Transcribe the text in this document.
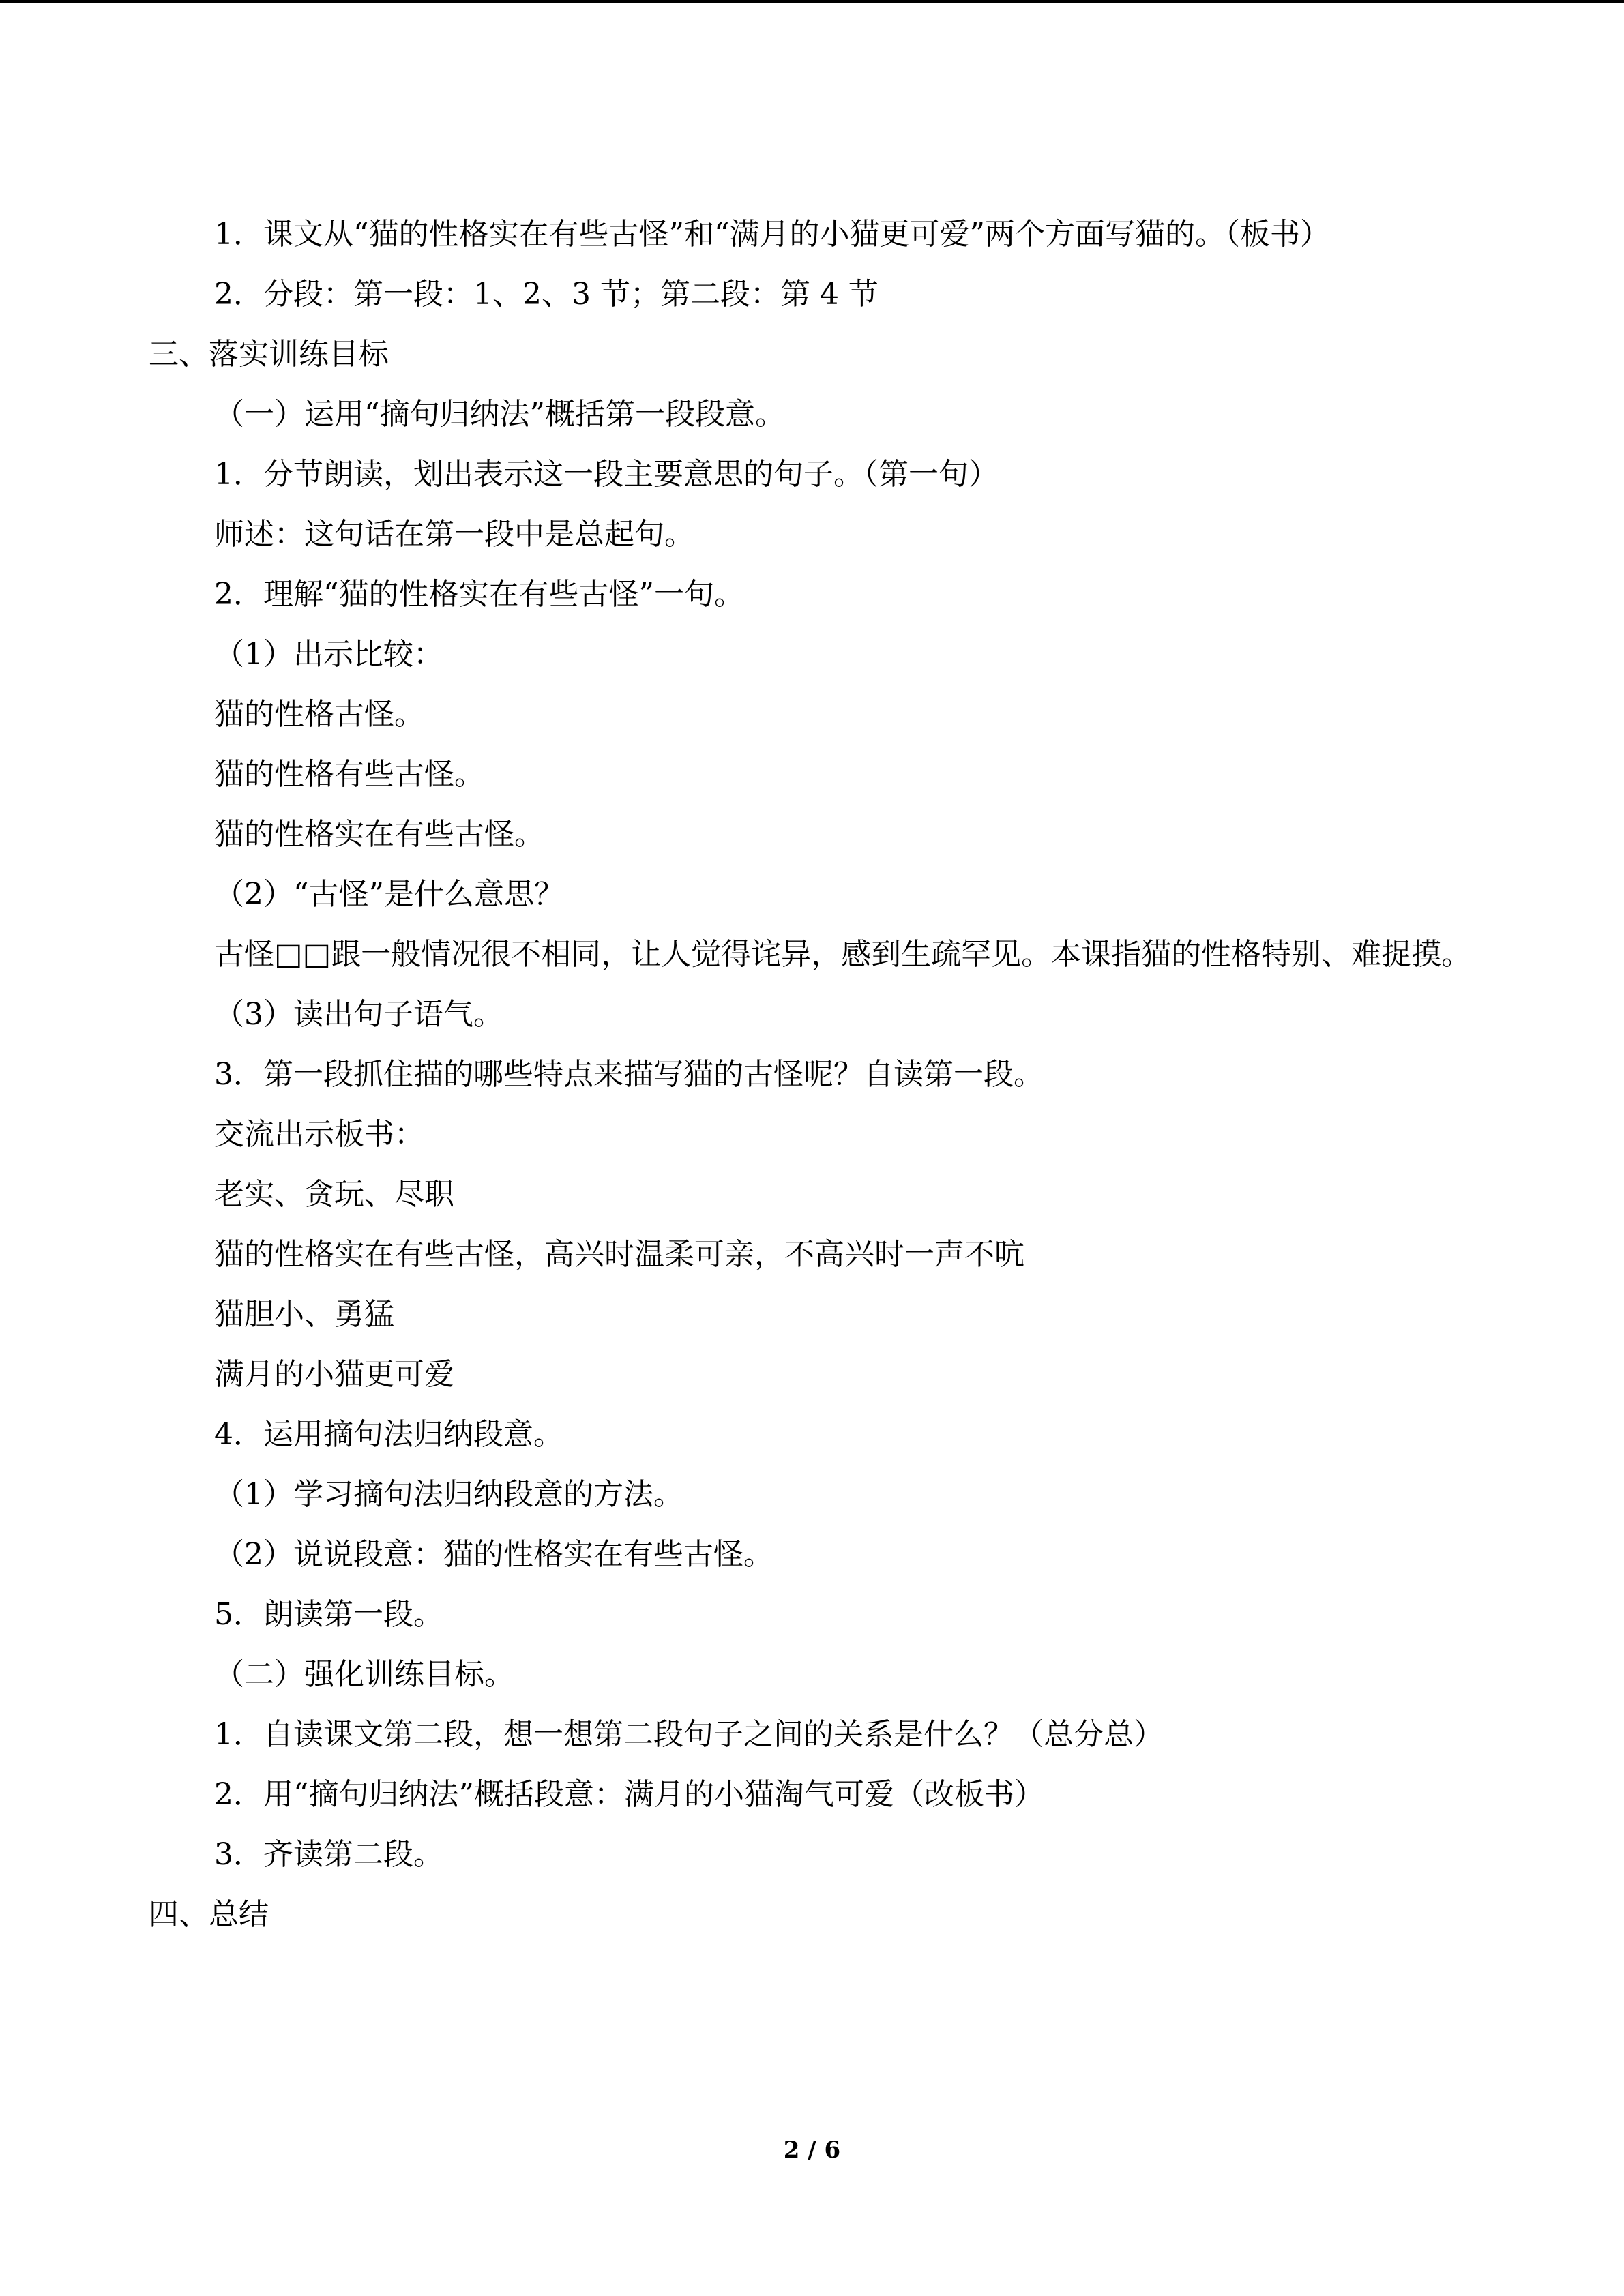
1．课文从“猫的性格实在有些古怪”和“满月的小猫更可爱”两个方面写猫的。（板书）
2．分段：第一段：1、2、3 节；第二段：第 4 节
三、落实训练目标
（一）运用“摘句归纳法”概括第一段段意。
1．分节朗读，划出表示这一段主要意思的句子。（第一句）
师述：这句话在第一段中是总起句。
2．理解“猫的性格实在有些古怪”一句。
（1）出示比较：
猫的性格古怪。
猫的性格有些古怪。
猫的性格实在有些古怪。
（2）“古怪”是什么意思？
古怪□□跟一般情况很不相同，让人觉得诧异，感到生疏罕见。本课指猫的性格特别、难捉摸。
（3）读出句子语气。
3．第一段抓住描的哪些特点来描写猫的古怪呢？自读第一段。
交流出示板书：
老实、贪玩、尽职
猫的性格实在有些古怪，高兴时温柔可亲，不高兴时一声不吭
猫胆小、勇猛
满月的小猫更可爱
4．运用摘句法归纳段意。
（1）学习摘句法归纳段意的方法。
（2）说说段意：猫的性格实在有些古怪。
5．朗读第一段。
（二）强化训练目标。
1．自读课文第二段，想一想第二段句子之间的关系是什么？（总分总）
2．用“摘句归纳法”概括段意：满月的小猫淘气可爱（改板书）
3．齐读第二段。
四、总结
2 / 6
